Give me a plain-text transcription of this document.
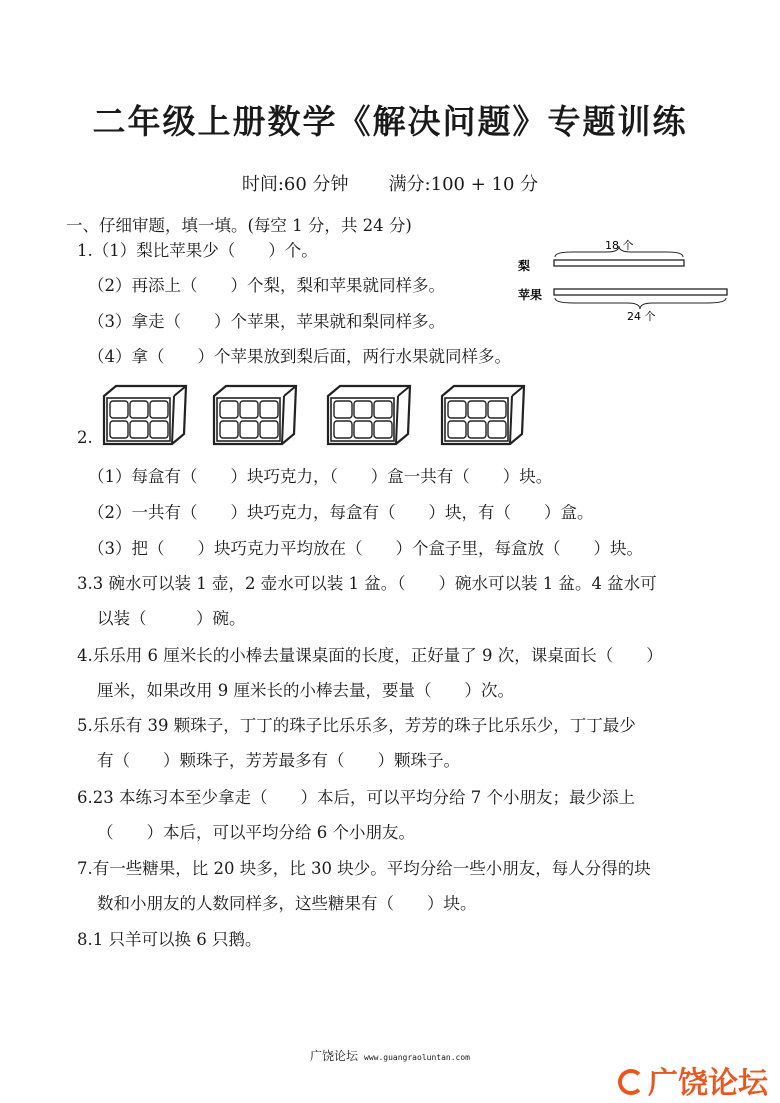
二年级上册数学《解决问题》专题训练
时间:60 分钟 满分:100 + 10 分
一、仔细审题，填一填。(每空 1 分，共 24 分)
1.（1）梨比苹果少（　　）个。
（2）再添上（　　）个梨，梨和苹果就同样多。
（3）拿走（　　）个苹果，苹果就和梨同样多。
（4）拿（　　）个苹果放到梨后面，两行水果就同样多。
梨
苹果
18 个
24 个
2.
（1）每盒有（　　）块巧克力，（　　）盒一共有（　　）块。
（2）一共有（　　）块巧克力，每盒有（　　）块，有（　　）盒。
（3）把（　　）块巧克力平均放在（　　）个盒子里，每盒放（　　）块。
3.3 碗水可以装 1 壶，2 壶水可以装 1 盆。（　　）碗水可以装 1 盆。4 盆水可
以装（　　　）碗。
4.乐乐用 6 厘米长的小棒去量课桌面的长度，正好量了 9 次，课桌面长（　　）
厘米，如果改用 9 厘米长的小棒去量，要量（　　）次。
5.乐乐有 39 颗珠子，丁丁的珠子比乐乐多，芳芳的珠子比乐乐少，丁丁最少
有（　　）颗珠子，芳芳最多有（　　）颗珠子。
6.23 本练习本至少拿走（　　）本后，可以平均分给 7 个小朋友；最少添上
（　　）本后，可以平均分给 6 个小朋友。
7.有一些糖果，比 20 块多，比 30 块少。平均分给一些小朋友，每人分得的块
数和小朋友的人数同样多，这些糖果有（　　）块。
8.1 只羊可以换 6 只鹅。
广饶论坛 www.guangraoluntan.com
广饶论坛
